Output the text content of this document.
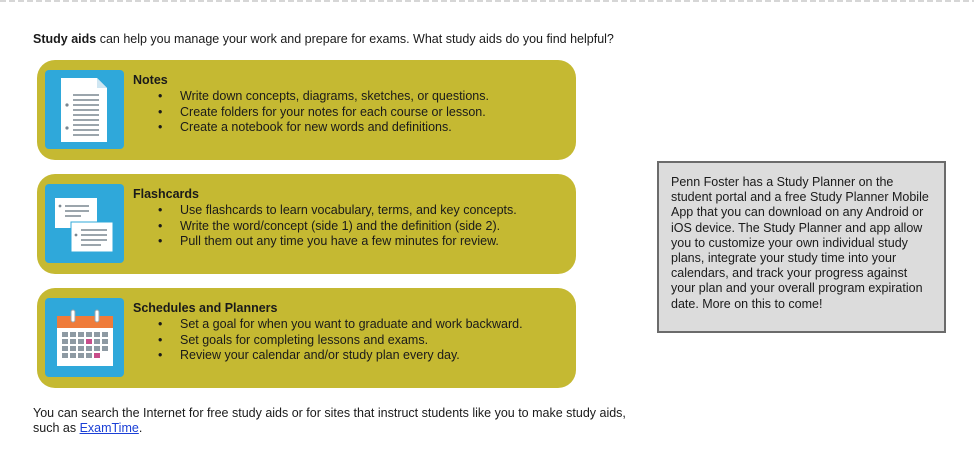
Study aids can help you manage your work and prepare for exams. What study aids do you find helpful?
Notes
• Write down concepts, diagrams, sketches, or questions.
• Create folders for your notes for each course or lesson.
• Create a notebook for new words and definitions.
Flashcards
• Use flashcards to learn vocabulary, terms, and key concepts.
• Write the word/concept (side 1) and the definition (side 2).
• Pull them out any time you have a few minutes for review.
Schedules and Planners
• Set a goal for when you want to graduate and work backward.
• Set goals for completing lessons and exams.
• Review your calendar and/or study plan every day.
Penn Foster has a Study Planner on the student portal and a free Study Planner Mobile App that you can download on any Android or iOS device. The Study Planner and app allow you to customize your own individual study plans, integrate your study time into your calendars, and track your progress against your plan and your overall program expiration date. More on this to come!
You can search the Internet for free study aids or for sites that instruct students like you to make study aids, such as ExamTime.
